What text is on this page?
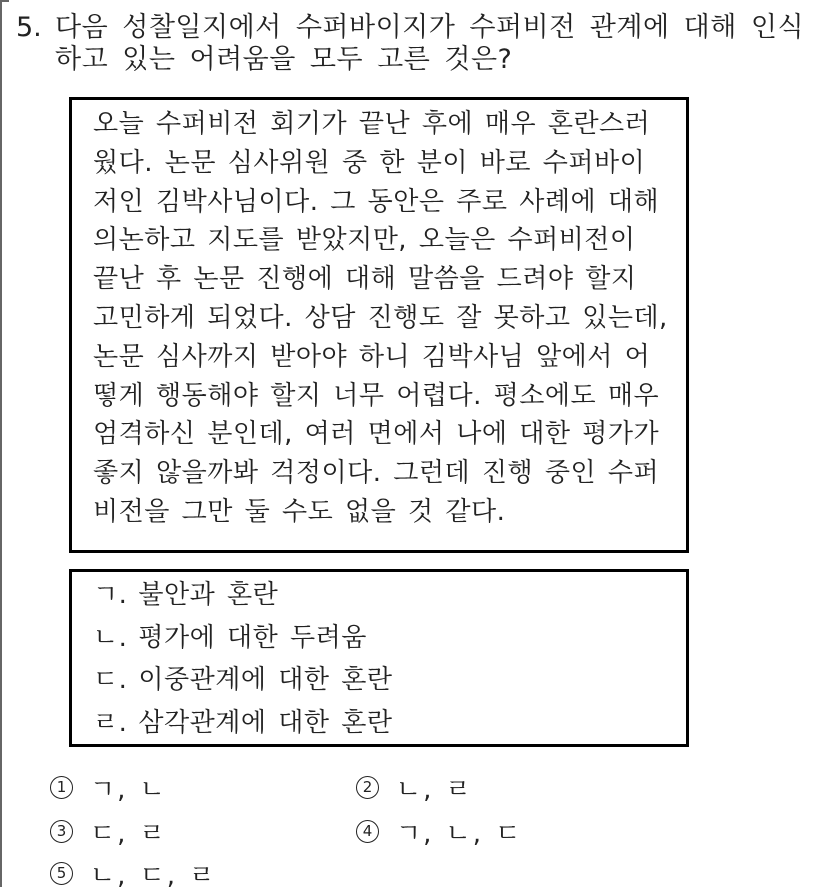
5. 다음 성찰일지에서 수퍼바이지가 수퍼비전 관계에 대해 인식
하고 있는 어려움을 모두 고른 것은?
오늘 수퍼비전 회기가 끝난 후에 매우 혼란스러
웠다. 논문 심사위원 중 한 분이 바로 수퍼바이
저인 김박사님이다. 그 동안은 주로 사례에 대해
의논하고 지도를 받았지만, 오늘은 수퍼비전이
끝난 후 논문 진행에 대해 말씀을 드려야 할지
고민하게 되었다. 상담 진행도 잘 못하고 있는데,
논문 심사까지 받아야 하니 김박사님 앞에서 어
떻게 행동해야 할지 너무 어렵다. 평소에도 매우
엄격하신 분인데, 여러 면에서 나에 대한 평가가
좋지 않을까봐 걱정이다. 그런데 진행 중인 수퍼
비전을 그만 둘 수도 없을 것 같다.
ㄱ. 불안과 혼란
ㄴ. 평가에 대한 두려움
ㄷ. 이중관계에 대한 혼란
ㄹ. 삼각관계에 대한 혼란
1 ㄱ, ㄴ	2 ㄴ, ㄹ
3 ㄷ, ㄹ	4 ㄱ, ㄴ, ㄷ
5 ㄴ, ㄷ, ㄹ
